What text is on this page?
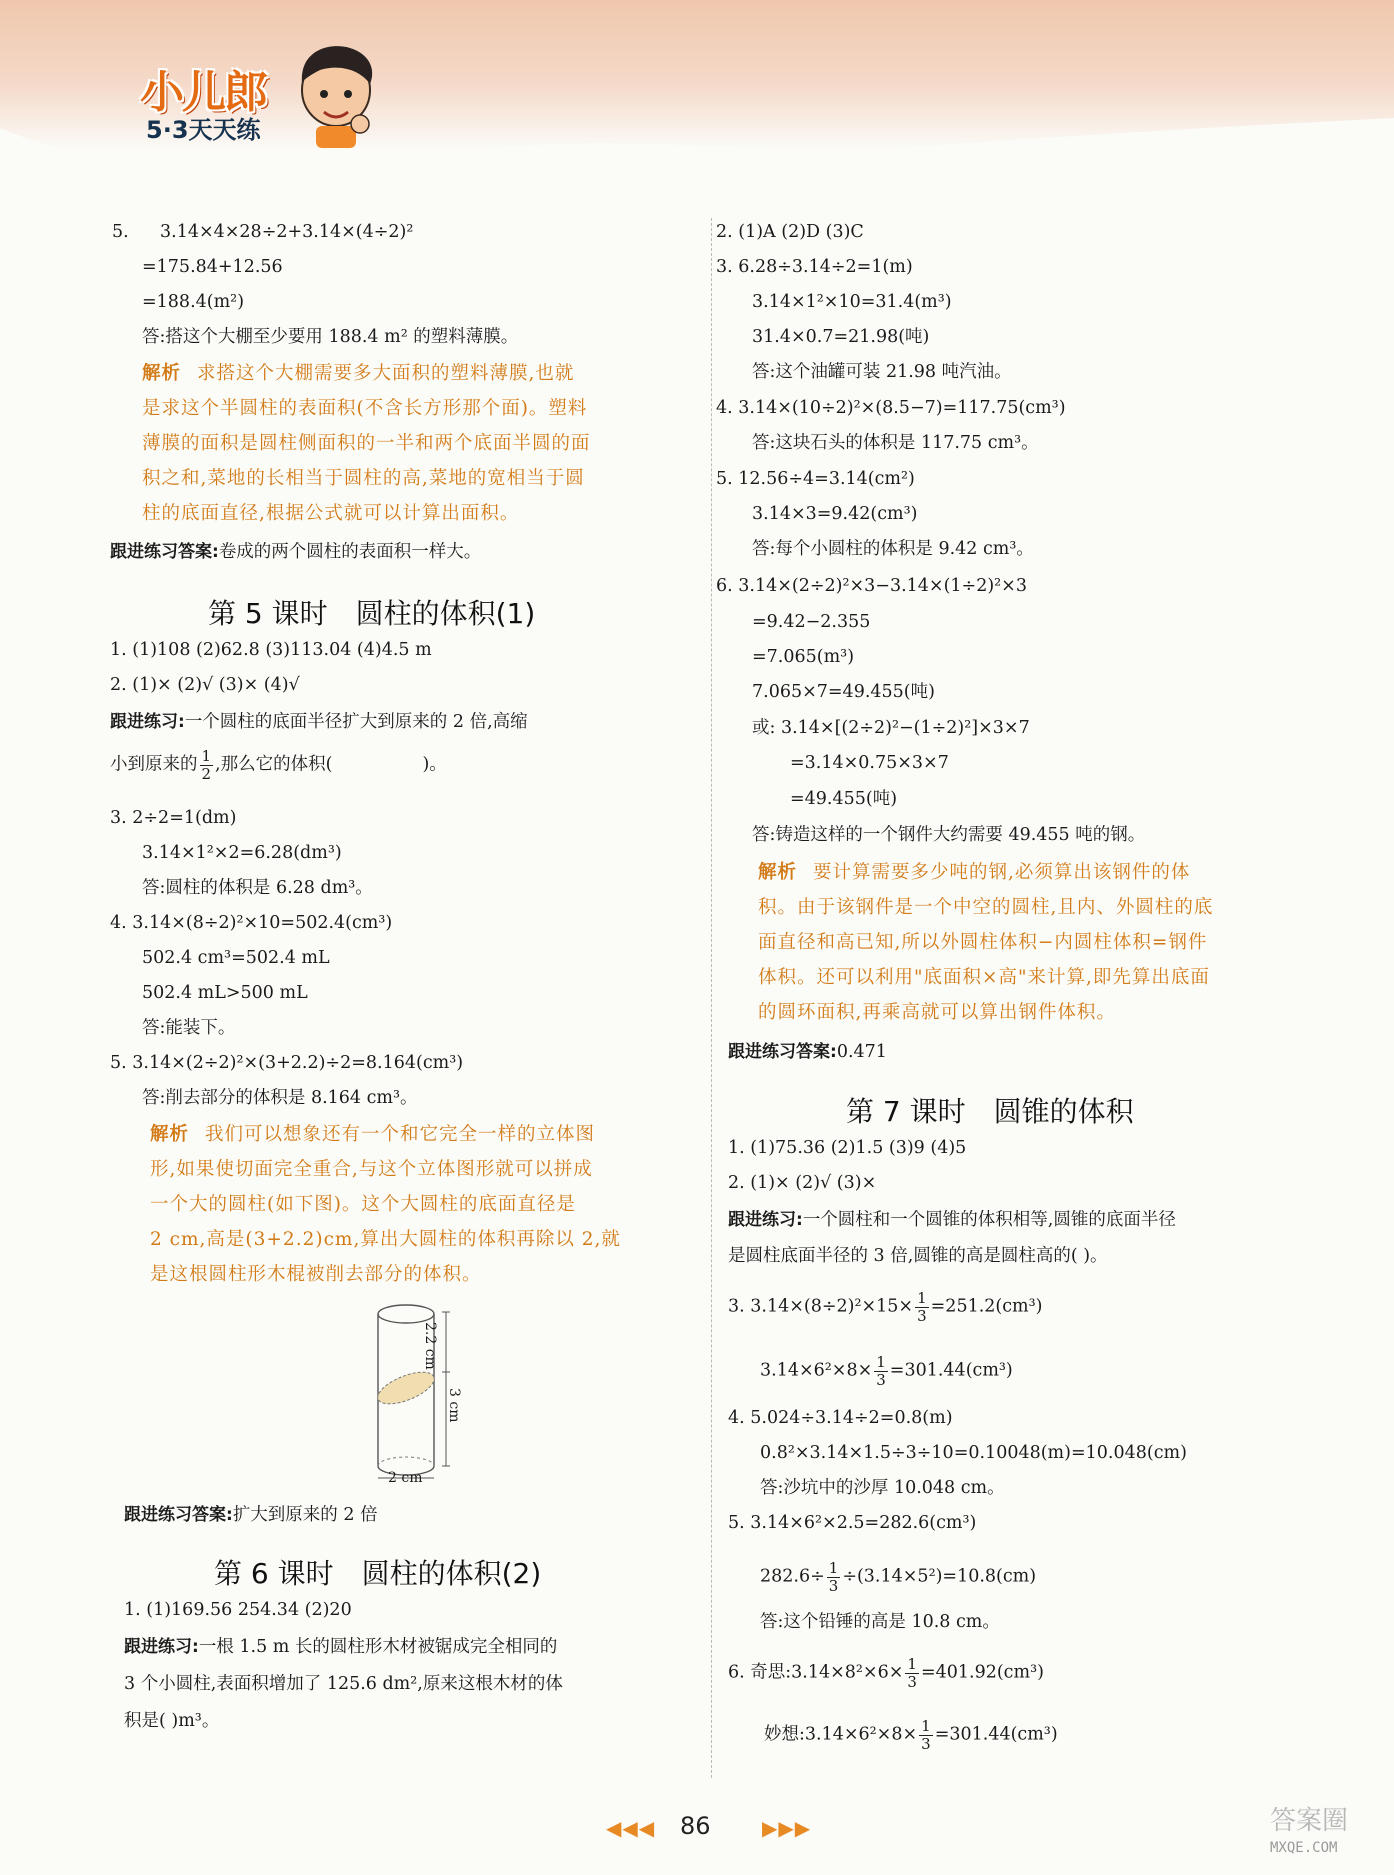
小儿郎
5·3天天练
5. 3.14×4×28÷2+3.14×(4÷2)²
=175.84+12.56
=188.4(m²)
答:搭这个大棚至少要用 188.4 m² 的塑料薄膜。
解析 求搭这个大棚需要多大面积的塑料薄膜,也就
是求这个半圆柱的表面积(不含长方形那个面)。塑料
薄膜的面积是圆柱侧面积的一半和两个底面半圆的面
积之和,菜地的长相当于圆柱的高,菜地的宽相当于圆
柱的底面直径,根据公式就可以计算出面积。
跟进练习答案:卷成的两个圆柱的表面积一样大。
第 5 课时　圆柱的体积(1)
1. (1)108 (2)62.8 (3)113.04 (4)4.5 m
2. (1)× (2)√ (3)× (4)√
跟进练习:一个圆柱的底面半径扩大到原来的 2 倍,高缩
小到原来的 $\frac{1}{2}$ ,那么它的体积(	)。
3. 2÷2=1(dm)
3.14×1²×2=6.28(dm³)
答:圆柱的体积是 6.28 dm³。
4. 3.14×(8÷2)²×10=502.4(cm³)
502.4 cm³=502.4 mL
502.4 mL>500 mL
答:能装下。
5. 3.14×(2÷2)²×(3+2.2)÷2=8.164(cm³)
答:削去部分的体积是 8.164 cm³。
解析 我们可以想象还有一个和它完全一样的立体图
形,如果使切面完全重合,与这个立体图形就可以拼成
一个大的圆柱(如下图)。这个大圆柱的底面直径是
2 cm,高是(3+2.2)cm,算出大圆柱的体积再除以 2,就
是这根圆柱形木棍被削去部分的体积。
2.2 cm
3 cm
2 cm
跟进练习答案:扩大到原来的 2 倍
第 6 课时　圆柱的体积(2)
1. (1)169.56 254.34 (2)20
跟进练习:一根 1.5 m 长的圆柱形木材被锯成完全相同的
3 个小圆柱,表面积增加了 125.6 dm²,原来这根木材的体
积是( )m³。
2. (1)A (2)D (3)C
3. 6.28÷3.14÷2=1(m)
3.14×1²×10=31.4(m³)
31.4×0.7=21.98(吨)
答:这个油罐可装 21.98 吨汽油。
4. 3.14×(10÷2)²×(8.5−7)=117.75(cm³)
答:这块石头的体积是 117.75 cm³。
5. 12.56÷4=3.14(cm²)
3.14×3=9.42(cm³)
答:每个小圆柱的体积是 9.42 cm³。
6. 3.14×(2÷2)²×3−3.14×(1÷2)²×3
=9.42−2.355
=7.065(m³)
7.065×7=49.455(吨)
或: 3.14×[(2÷2)²−(1÷2)²]×3×7
=3.14×0.75×3×7
=49.455(吨)
答:铸造这样的一个钢件大约需要 49.455 吨的钢。
解析 要计算需要多少吨的钢,必须算出该钢件的体
积。由于该钢件是一个中空的圆柱,且内、外圆柱的底
面直径和高已知,所以外圆柱体积−内圆柱体积=钢件
体积。还可以利用"底面积×高"来计算,即先算出底面
的圆环面积,再乘高就可以算出钢件体积。
跟进练习答案:0.471
第 7 课时　圆锥的体积
1. (1)75.36 (2)1.5 (3)9 (4)5
2. (1)× (2)√ (3)×
跟进练习:一个圆柱和一个圆锥的体积相等,圆锥的底面半径
是圆柱底面半径的 3 倍,圆锥的高是圆柱高的( )。
3. $3.14\times(8\div 2)^2\times 15\times \frac{1}{3} =251.2(cm^3)$
$3.14\times 6^2\times 8\times \frac{1}{3} =301.44(cm^3)$
4. 5.024÷3.14÷2=0.8(m)
0.8²×3.14×1.5÷3÷10=0.10048(m)=10.048(cm)
答:沙坑中的沙厚 10.048 cm。
5. 3.14×6²×2.5=282.6(cm³)
$282.6\div \frac{1}{3} \div(3.14\times 5^2)=10.8(cm)$
答:这个铅锤的高是 10.8 cm。
6. 奇思:3.14×8²×6× $\frac{1}{3} =401.92(cm^3)$
妙想:3.14×6²×8× $\frac{1}{3} =301.44(cm^3)$
◀◀◀ 86	▶▶▶	答案圈
MXQE.COM
